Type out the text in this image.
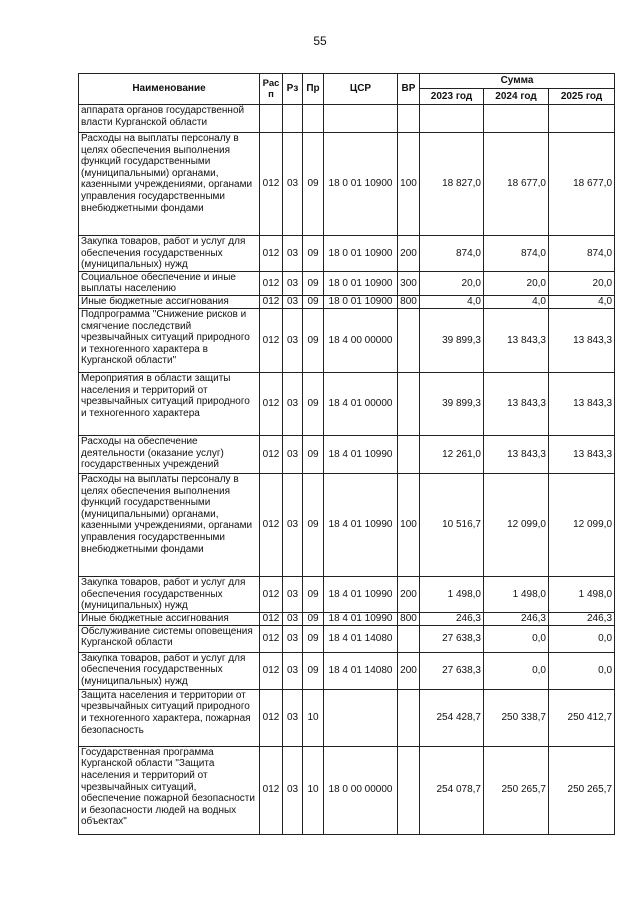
55
Наименование	Рас п	Рз	Пр	ЦСР	ВР	Сумма		
						2023 год	2024 год	2025 год
аппарата органов государственной власти Курганской области								
Расходы на выплаты персоналу в целях обеспечения выполнения функций государственными (муниципальными) органами, казенными учреждениями, органами управления государственными внебюджетными фондами	012	03	09	18 0 01 10900	100	18 827,0	18 677,0	18 677,0
Закупка товаров, работ и услуг для обеспечения государственных (муниципальных) нужд	012	03	09	18 0 01 10900	200	874,0	874,0	874,0
Социальное обеспечение и иные выплаты населению	012	03	09	18 0 01 10900	300	20,0	20,0	20,0
Иные бюджетные ассигнования	012	03	09	18 0 01 10900	800	4,0	4,0	4,0
Подпрограмма "Снижение рисков и смягчение последствий чрезвычайных ситуаций природного и техногенного характера в Курганской области"	012	03	09	18 4 00 00000		39 899,3	13 843,3	13 843,3
Мероприятия в области защиты населения и территорий от чрезвычайных ситуаций природного и техногенного характера	012	03	09	18 4 01 00000		39 899,3	13 843,3	13 843,3
Расходы на обеспечение деятельности (оказание услуг) государственных учреждений	012	03	09	18 4 01 10990		12 261,0	13 843,3	13 843,3
Расходы на выплаты персоналу в целях обеспечения выполнения функций государственными (муниципальными) органами, казенными учреждениями, органами управления государственными внебюджетными фондами	012	03	09	18 4 01 10990	100	10 516,7	12 099,0	12 099,0
Закупка товаров, работ и услуг для обеспечения государственных (муниципальных) нужд	012	03	09	18 4 01 10990	200	1 498,0	1 498,0	1 498,0
Иные бюджетные ассигнования	012	03	09	18 4 01 10990	800	246,3	246,3	246,3
Обслуживание системы оповещения Курганской области	012	03	09	18 4 01 14080		27 638,3	0,0	0,0
Закупка товаров, работ и услуг для обеспечения государственных (муниципальных) нужд	012	03	09	18 4 01 14080	200	27 638,3	0,0	0,0
Защита населения и территории от чрезвычайных ситуаций природного и техногенного характера, пожарная безопасность	012	03	10			254 428,7	250 338,7	250 412,7
Государственная программа Курганской области "Защита населения и территорий от чрезвычайных ситуаций, обеспечение пожарной безопасности и безопасности людей на водных объектах"	012	03	10	18 0 00 00000		254 078,7	250 265,7	250 265,7
